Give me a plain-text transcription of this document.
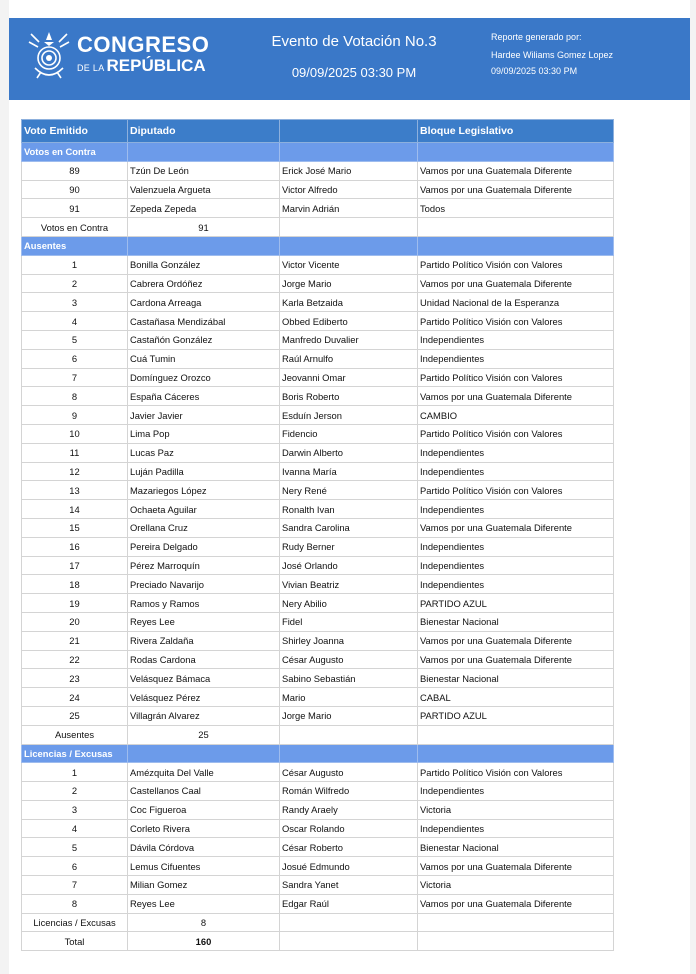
CONGRESO
DE LA REPÚBLICA
Evento de Votación No.3
09/09/2025 03:30 PM
Reporte generado por:
Hardee Wiliams Gomez Lopez
09/09/2025 03:30 PM
Voto Emitido	Diputado		Bloque Legislativo
Votos en Contra			
89	Tzún De León	Erick José Mario	Vamos por una Guatemala Diferente
90	Valenzuela Argueta	Victor Alfredo	Vamos por una Guatemala Diferente
91	Zepeda Zepeda	Marvin Adrián	Todos
Votos en Contra	91		
Ausentes			
1	Bonilla González	Victor Vicente	Partido Político Visión con Valores
2	Cabrera Ordóñez	Jorge Mario	Vamos por una Guatemala Diferente
3	Cardona Arreaga	Karla Betzaida	Unidad Nacional de la Esperanza
4	Castañasa Mendizábal	Obbed Ediberto	Partido Político Visión con Valores
5	Castañón González	Manfredo Duvalier	Independientes
6	Cuá Tumin	Raúl Arnulfo	Independientes
7	Domínguez Orozco	Jeovanni Omar	Partido Político Visión con Valores
8	España Cáceres	Boris Roberto	Vamos por una Guatemala Diferente
9	Javier Javier	Esduín Jerson	CAMBIO
10	Lima Pop	Fidencio	Partido Político Visión con Valores
11	Lucas Paz	Darwin Alberto	Independientes
12	Luján Padilla	Ivanna María	Independientes
13	Mazariegos López	Nery René	Partido Político Visión con Valores
14	Ochaeta Aguilar	Ronalth Ivan	Independientes
15	Orellana Cruz	Sandra Carolina	Vamos por una Guatemala Diferente
16	Pereira Delgado	Rudy Berner	Independientes
17	Pérez Marroquín	José Orlando	Independientes
18	Preciado Navarijo	Vivian Beatriz	Independientes
19	Ramos y Ramos	Nery Abilio	PARTIDO AZUL
20	Reyes Lee	Fidel	Bienestar Nacional
21	Rivera Zaldaña	Shirley Joanna	Vamos por una Guatemala Diferente
22	Rodas Cardona	César Augusto	Vamos por una Guatemala Diferente
23	Velásquez Bámaca	Sabino Sebastián	Bienestar Nacional
24	Velásquez Pérez	Mario	CABAL
25	Villagrán Alvarez	Jorge Mario	PARTIDO AZUL
Ausentes	25		
Licencias / Excusas			
1	Amézquita Del Valle	César Augusto	Partido Político Visión con Valores
2	Castellanos Caal	Román Wilfredo	Independientes
3	Coc Figueroa	Randy Araely	Victoria
4	Corleto Rivera	Oscar Rolando	Independientes
5	Dávila Córdova	César Roberto	Bienestar Nacional
6	Lemus Cifuentes	Josué Edmundo	Vamos por una Guatemala Diferente
7	Milian Gomez	Sandra Yanet	Victoria
8	Reyes Lee	Edgar Raúl	Vamos por una Guatemala Diferente
Licencias / Excusas	8		
Total	160		
